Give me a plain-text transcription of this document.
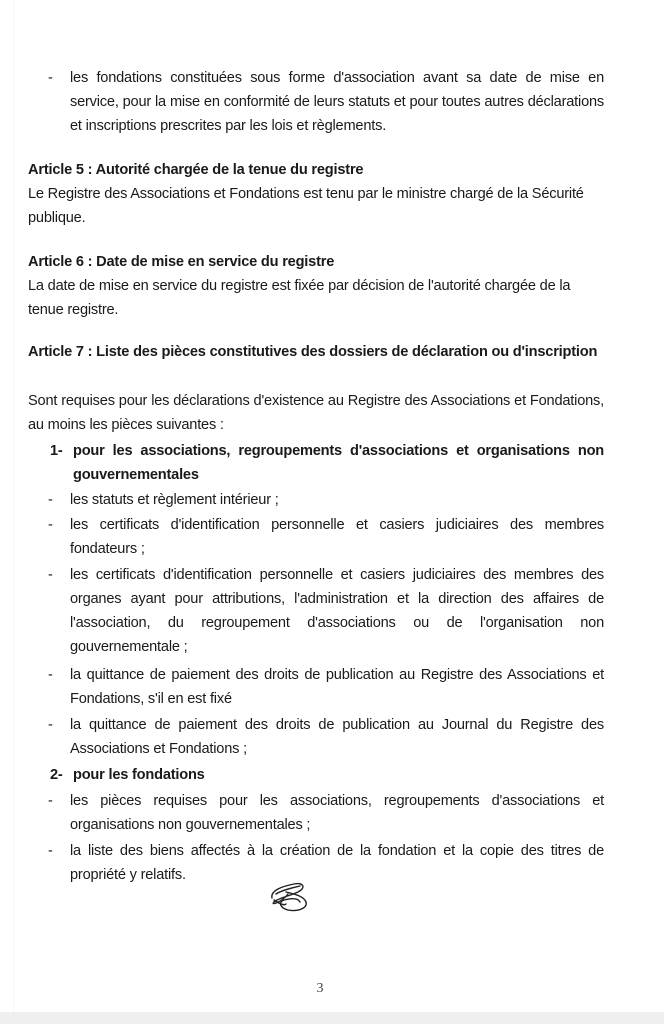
- les fondations constituées sous forme d'association avant sa date de mise en service, pour la mise en conformité de leurs statuts et pour toutes autres déclarations et inscriptions prescrites par les lois et règlements.
Article 5 : Autorité chargée de la tenue du registre
Le Registre des Associations et Fondations est tenu par le ministre chargé de la Sécurité publique.
Article 6 : Date de mise en service du registre
La date de mise en service du registre est fixée par décision de l'autorité chargée de la tenue registre.
Article 7 : Liste des pièces constitutives des dossiers de déclaration ou d'inscription
Sont requises pour les déclarations d'existence au Registre des Associations et Fondations, au moins les pièces suivantes :
1- pour les associations, regroupements d'associations et organisations non gouvernementales
- les statuts et règlement intérieur ;
- les certificats d'identification personnelle et casiers judiciaires des membres fondateurs ;
- les certificats d'identification personnelle et casiers judiciaires des membres des organes ayant pour attributions, l'administration et la direction des affaires de l'association, du regroupement d'associations ou de l'organisation non gouvernementale ;
- la quittance de paiement des droits de publication au Registre des Associations et Fondations, s'il en est fixé
- la quittance de paiement des droits de publication au Journal du Registre des Associations et Fondations ;
2- pour les fondations
- les pièces requises pour les associations, regroupements d'associations et organisations non gouvernementales ;
- la liste des biens affectés à la création de la fondation et la copie des titres de propriété y relatifs.
3
